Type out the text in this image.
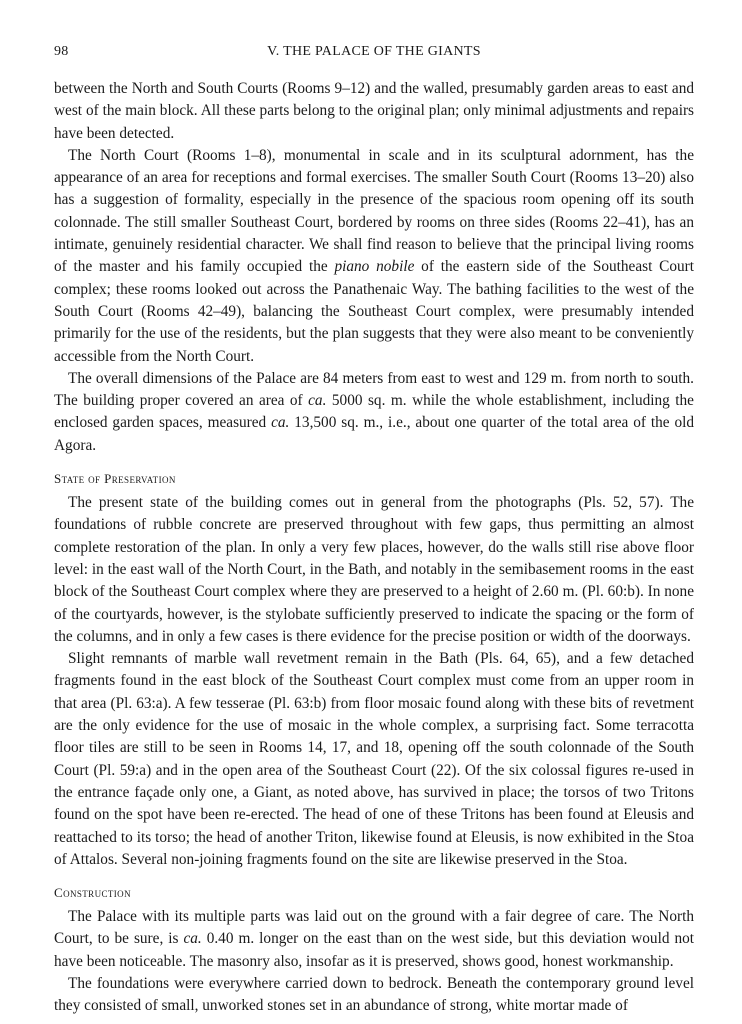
98	V. THE PALACE OF THE GIANTS

between the North and South Courts (Rooms 9–12) and the walled, presumably garden areas to east and west of the main block. All these parts belong to the original plan; only minimal adjustments and repairs have been detected.

The North Court (Rooms 1–8), monumental in scale and in its sculptural adornment, has the appearance of an area for receptions and formal exercises. The smaller South Court (Rooms 13–20) also has a suggestion of formality, especially in the presence of the spacious room opening off its south colonnade. The still smaller Southeast Court, bordered by rooms on three sides (Rooms 22–41), has an intimate, genuinely residential character. We shall find reason to believe that the principal living rooms of the master and his family occupied the piano nobile of the eastern side of the Southeast Court complex; these rooms looked out across the Panathenaic Way. The bathing facilities to the west of the South Court (Rooms 42–49), balancing the Southeast Court complex, were presumably intended primarily for the use of the residents, but the plan suggests that they were also meant to be conveniently accessible from the North Court.

The overall dimensions of the Palace are 84 meters from east to west and 129 m. from north to south. The building proper covered an area of ca. 5000 sq. m. while the whole establishment, including the enclosed garden spaces, measured ca. 13,500 sq. m., i.e., about one quarter of the total area of the old Agora.

State of Preservation

The present state of the building comes out in general from the photographs (Pls. 52, 57). The foundations of rubble concrete are preserved throughout with few gaps, thus permitting an almost complete restoration of the plan. In only a very few places, however, do the walls still rise above floor level: in the east wall of the North Court, in the Bath, and notably in the semibasement rooms in the east block of the Southeast Court complex where they are preserved to a height of 2.60 m. (Pl. 60:b). In none of the courtyards, however, is the stylobate sufficiently preserved to indicate the spacing or the form of the columns, and in only a few cases is there evidence for the precise position or width of the doorways.

Slight remnants of marble wall revetment remain in the Bath (Pls. 64, 65), and a few detached fragments found in the east block of the Southeast Court complex must come from an upper room in that area (Pl. 63:a). A few tesserae (Pl. 63:b) from floor mosaic found along with these bits of revetment are the only evidence for the use of mosaic in the whole complex, a surprising fact. Some terracotta floor tiles are still to be seen in Rooms 14, 17, and 18, opening off the south colonnade of the South Court (Pl. 59:a) and in the open area of the Southeast Court (22). Of the six colossal figures re-used in the entrance façade only one, a Giant, as noted above, has survived in place; the torsos of two Tritons found on the spot have been re-erected. The head of one of these Tritons has been found at Eleusis and reattached to its torso; the head of another Triton, likewise found at Eleusis, is now exhibited in the Stoa of Attalos. Several non-joining fragments found on the site are likewise preserved in the Stoa.

Construction

The Palace with its multiple parts was laid out on the ground with a fair degree of care. The North Court, to be sure, is ca. 0.40 m. longer on the east than on the west side, but this deviation would not have been noticeable. The masonry also, insofar as it is preserved, shows good, honest workmanship.

The foundations were everywhere carried down to bedrock. Beneath the contemporary ground level they consisted of small, unworked stones set in an abundance of strong, white mortar made of
